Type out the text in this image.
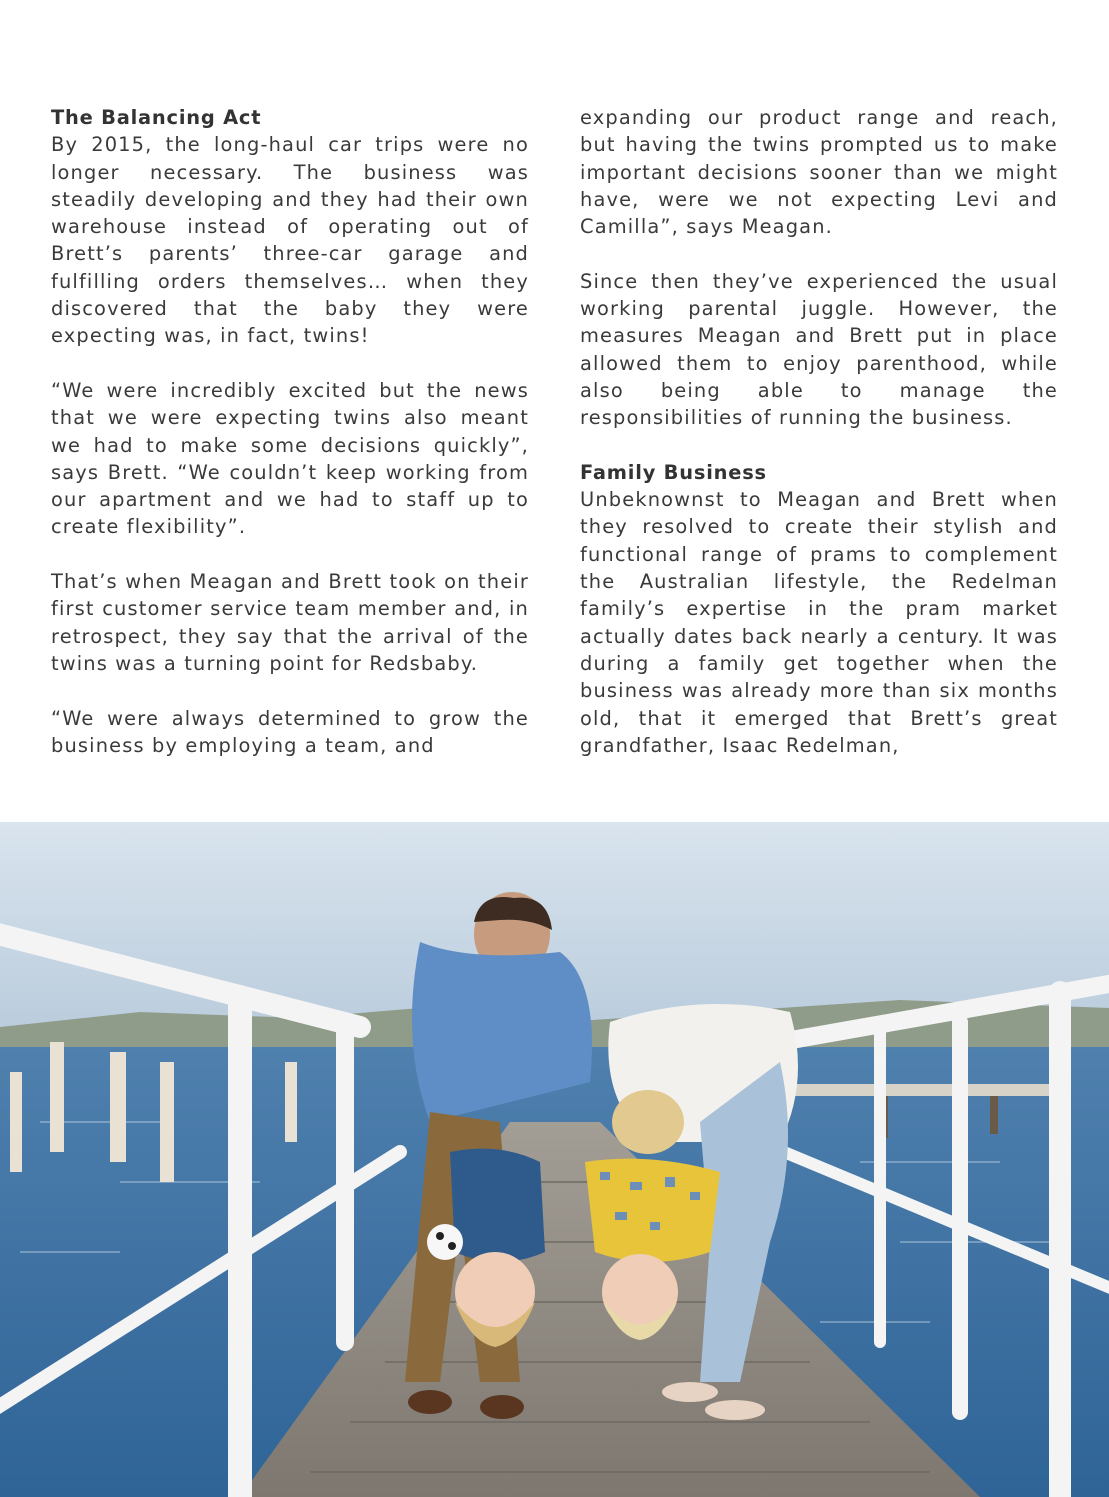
The Balancing Act

By 2015, the long-haul car trips were no longer necessary. The business was steadily developing and they had their own warehouse instead of operating out of Brett’s parents’ three-car garage and fulfilling orders themselves… when they discovered that the baby they were expecting was, in fact, twins!

“We were incredibly excited but the news that we were expecting twins also meant we had to make some decisions quickly”, says Brett. “We couldn’t keep working from our apartment and we had to staff up to create flexibility”.

That’s when Meagan and Brett took on their first customer service team member and, in retrospect, they say that the arrival of the twins was a turning point for Redsbaby.

“We were always determined to grow the business by employing a team, and

expanding our product range and reach, but having the twins prompted us to make important decisions sooner than we might have, were we not expecting Levi and Camilla”, says Meagan.

Since then they’ve experienced the usual working parental juggle. However, the measures Meagan and Brett put in place allowed them to enjoy parenthood, while also being able to manage the responsibilities of running the business.

Family Business

Unbeknownst to Meagan and Brett when they resolved to create their stylish and functional range of prams to complement the Australian lifestyle, the Redelman family’s expertise in the pram market actually dates back nearly a century. It was during a family get together when the business was already more than six months old, that it emerged that Brett’s great grandfather, Isaac Redelman,
